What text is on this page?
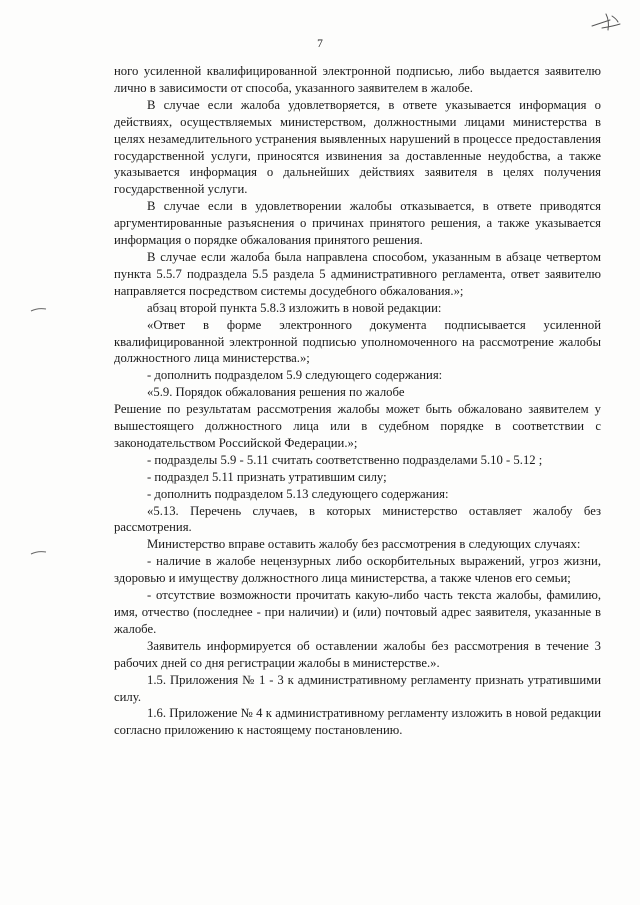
7

ного усиленной квалифицированной электронной подписью, либо выдается заявителю лично в зависимости от способа, указанного заявителем в жалобе.

В случае если жалоба удовлетворяется, в ответе указывается информация о действиях, осуществляемых министерством, должностными лицами министерства в целях незамедлительного устранения выявленных нарушений в процессе предоставления государственной услуги, приносятся извинения за доставленные неудобства, а также указывается информация о дальнейших действиях заявителя в целях получения государственной услуги.

В случае если в удовлетворении жалобы отказывается, в ответе приводятся аргументированные разъяснения о причинах принятого решения, а также указывается информация о порядке обжалования принятого решения.

В случае если жалоба была направлена способом, указанным в абзаце четвертом пункта 5.5.7 подраздела 5.5 раздела 5 административного регламента, ответ заявителю направляется посредством системы досудебного обжалования.»;

абзац второй пункта 5.8.3 изложить в новой редакции:

«Ответ в форме электронного документа подписывается усиленной квалифицированной электронной подписью уполномоченного на рассмотрение жалобы должностного лица министерства.»;

- дополнить подразделом 5.9 следующего содержания:

«5.9. Порядок обжалования решения по жалобе

Решение по результатам рассмотрения жалобы может быть обжаловано заявителем у вышестоящего должностного лица или в судебном порядке в соответствии с законодательством Российской Федерации.»;

- подразделы 5.9 - 5.11 считать соответственно подразделами 5.10 - 5.12 ;

- подраздел 5.11 признать утратившим силу;

- дополнить подразделом 5.13 следующего содержания:

«5.13. Перечень случаев, в которых министерство оставляет жалобу без рассмотрения.

Министерство вправе оставить жалобу без рассмотрения в следующих случаях:

- наличие в жалобе нецензурных либо оскорбительных выражений, угроз жизни, здоровью и имуществу должностного лица министерства, а также членов его семьи;

- отсутствие возможности прочитать какую-либо часть текста жалобы, фамилию, имя, отчество (последнее - при наличии) и (или) почтовый адрес заявителя, указанные в жалобе.

Заявитель информируется об оставлении жалобы без рассмотрения в течение 3 рабочих дней со дня регистрации жалобы в министерстве.».

1.5. Приложения № 1 - 3 к административному регламенту признать утратившими силу.

1.6. Приложение № 4 к административному регламенту изложить в новой редакции согласно приложению к настоящему постановлению.
